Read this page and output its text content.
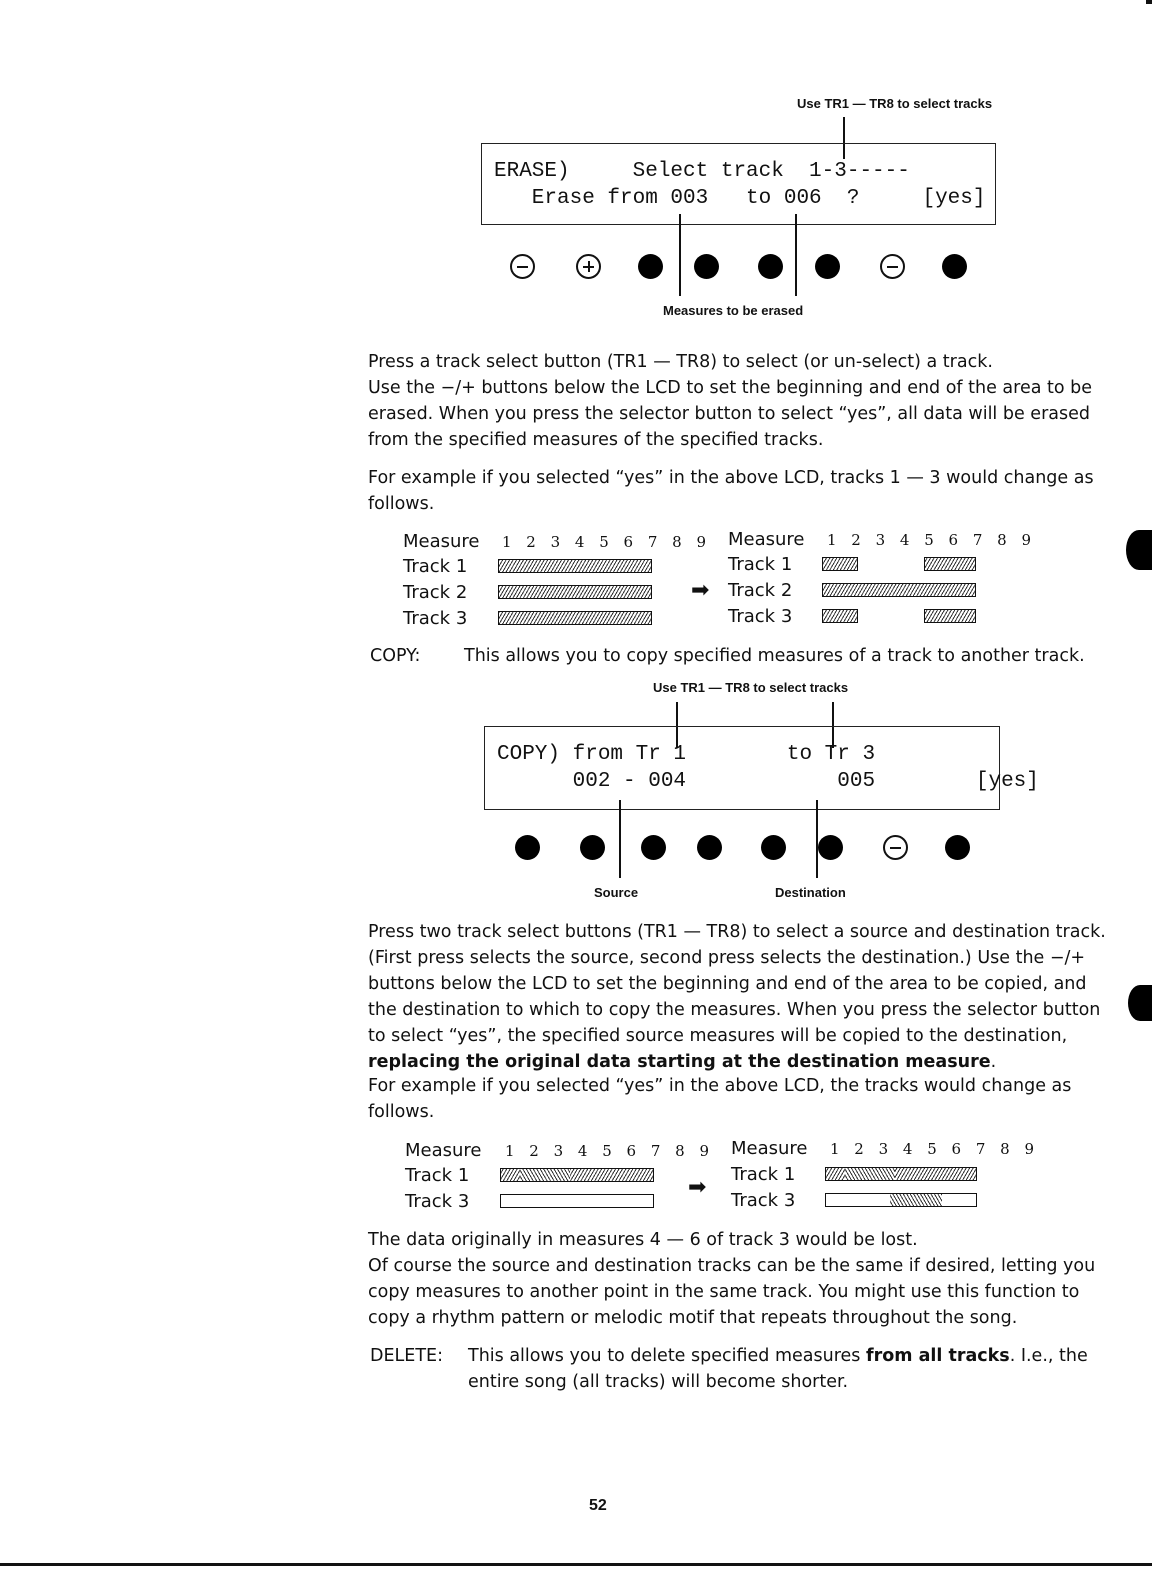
Use TR1 — TR8 to select tracks
ERASE)     Select track  1-3-----
Erase from 003   to 006  ?     [yes]
Measures to be erased
Press a track select button (TR1 — TR8) to select (or un-select) a track.
Use the −/+ buttons below the LCD to set the beginning and end of the area to be erased. When you press the selector button to select “yes”, all data will be erased from the specified measures of the specified tracks.
For example if you selected “yes” in the above LCD, tracks 1 — 3 would change as follows.
Measure 1 2 3 4 5 6 7 8 9
Track 1
Track 2
Track 3
➡
Measure 1 2 3 4 5 6 7 8 9
Track 1
Track 2
Track 3
COPY: This allows you to copy specified measures of a track to another track.
Use TR1 — TR8 to select tracks
COPY) from Tr 1        to Tr 3
002 - 004            005        [yes]
Source	Destination
Press two track select buttons (TR1 — TR8) to select a source and destination track. (First press selects the source, second press selects the destination.) Use the −/+ buttons below the LCD to set the beginning and end of the area to be copied, and the destination to which to copy the measures. When you press the selector button to select “yes”, the specified source measures will be copied to the destination, replacing the original data starting at the destination measure.
For example if you selected “yes” in the above LCD, the tracks would change as follows.
Measure 1 2 3 4 5 6 7 8 9
Track 1
Track 3
➡
Measure 1 2 3 4 5 6 7 8 9
Track 1
Track 3
The data originally in measures 4 — 6 of track 3 would be lost.
Of course the source and destination tracks can be the same if desired, letting you copy measures to another point in the same track. You might use this function to copy a rhythm pattern or melodic motif that repeats throughout the song.
DELETE: This allows you to delete specified measures from all tracks. I.e., the entire song (all tracks) will become shorter.
52
